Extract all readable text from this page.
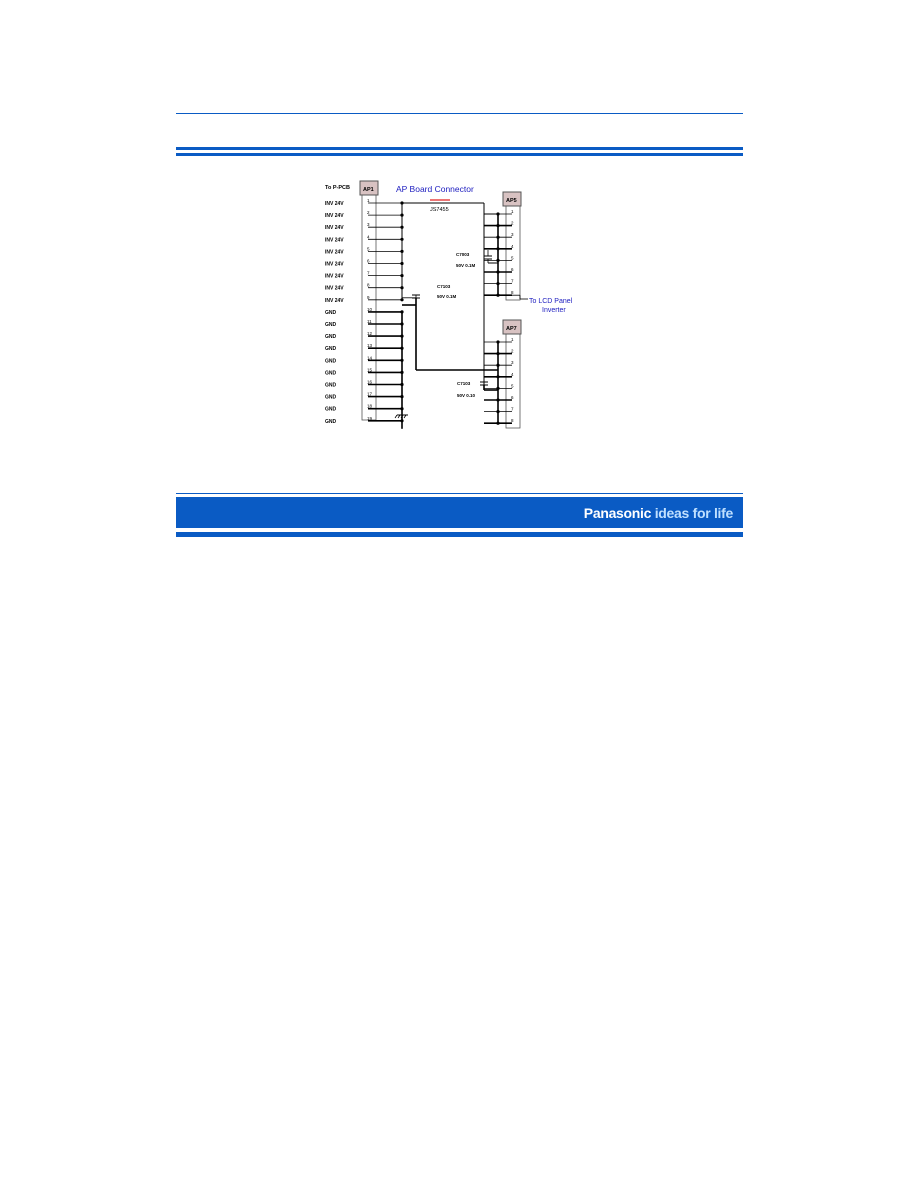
AP Board Connector
JS7455
To P-PCB AP1
INV 24V
1
INV 24V
2
INV 24V
3
INV 24V
4
INV 24V
5
INV 24V
6
INV 24V
7
INV 24V
8
INV 24V
9
GND
10
GND
11
GND
12
GND
13
GND
14
GND
15
GND
16
GND
17
GND
18
GND
19
AP5
1
2
3
4
5
6
7
8
AP7
1
2
3
4
5
6
7
8
C7003
50V 0.1M
C7103
50V 0.1M
C7103
50V 0.10
To LCD Panel
Inverter
Panasonic ideas for life
